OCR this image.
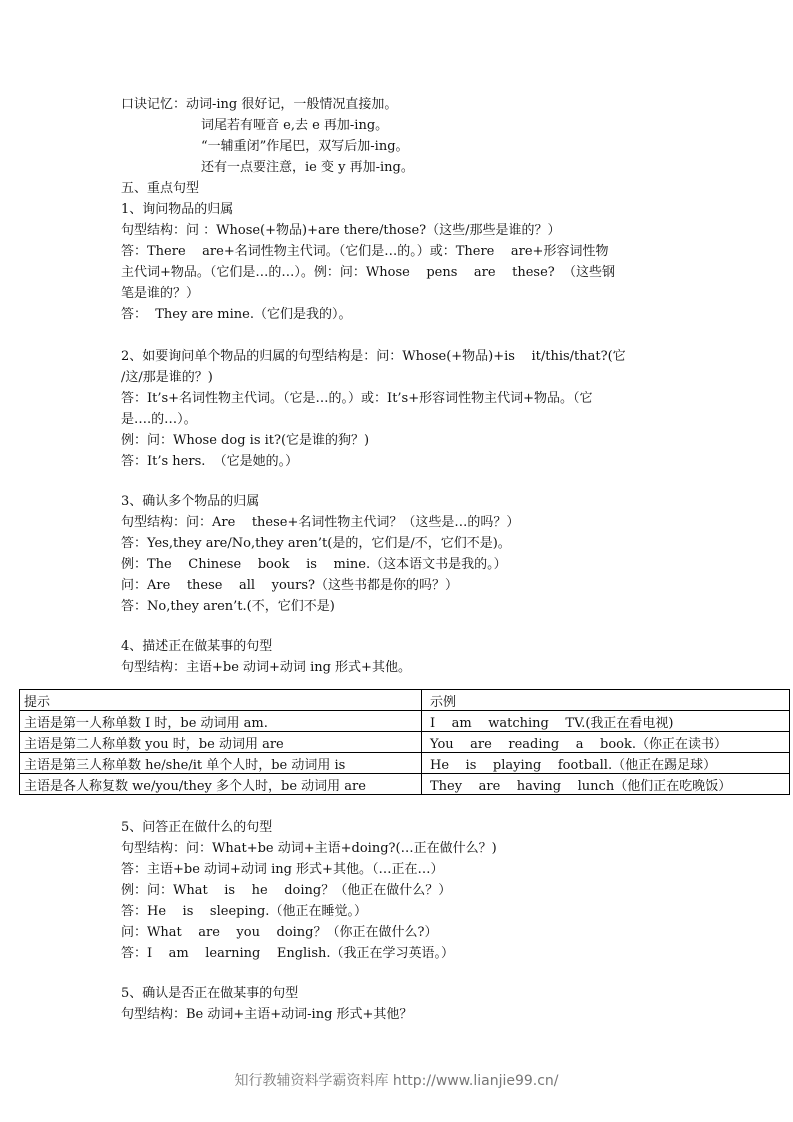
口诀记忆：动词-ing 很好记，一般情况直接加。
词尾若有哑音 e,去 e 再加-ing。
“一辅重闭”作尾巴，双写后加-ing。
还有一点要注意，ie 变 y 再加-ing。
五、重点句型
1、询问物品的归属
句型结构：问 ：Whose(+物品)+are there/those?（这些/那些是谁的？）
答：There    are+名词性物主代词。（它们是…的。）或：There    are+形容词性物
主代词+物品。（它们是…的…）。例：问：Whose    pens    are    these?  （这些钢
笔是谁的？）
答：  They are mine.（它们是我的）。
2、如要询问单个物品的归属的句型结构是：问：Whose(+物品)+is    it/this/that?(它
/这/那是谁的？)
答：It’s+名词性物主代词。（它是…的。）或：It’s+形容词性物主代词+物品。（它
是….的…）。
例：问：Whose dog is it?(它是谁的狗？)
答：It’s hers.  （它是她的。）
3、确认多个物品的归属
句型结构：问：Are    these+名词性物主代词？（这些是…的吗？）
答：Yes,they are/No,they aren’t(是的，它们是/不，它们不是)。
例：The    Chinese    book    is    mine.（这本语文书是我的。）
问：Are    these    all    yours?（这些书都是你的吗？）
答：No,they aren’t.(不，它们不是)
4、描述正在做某事的句型
句型结构：主语+be 动词+动词 ing 形式+其他。
提示	示例
主语是第一人称单数 I 时，be 动词用 am.	I    am    watching    TV.(我正在看电视)
主语是第二人称单数 you 时，be 动词用 are	You    are    reading    a    book.（你正在读书）
主语是第三人称单数 he/she/it 单个人时，be 动词用 is	He    is    playing    football.（他正在踢足球）
主语是各人称复数 we/you/they 多个人时，be 动词用 are	They    are    having    lunch（他们正在吃晚饭）
5、问答正在做什么的句型
句型结构：问：What+be 动词+主语+doing?(…正在做什么？)
答：主语+be 动词+动词 ing 形式+其他。（…正在…）
例：问：What    is    he    doing？（他正在做什么？）
答：He    is    sleeping.（他正在睡觉。）
问：What    are    you    doing？（你正在做什么?）
答：I    am    learning    English.（我正在学习英语。）
5、确认是否正在做某事的句型
句型结构：Be 动词+主语+动词-ing 形式+其他？
知行教辅资料学霸资料库 http://www.lianjie99.cn/
